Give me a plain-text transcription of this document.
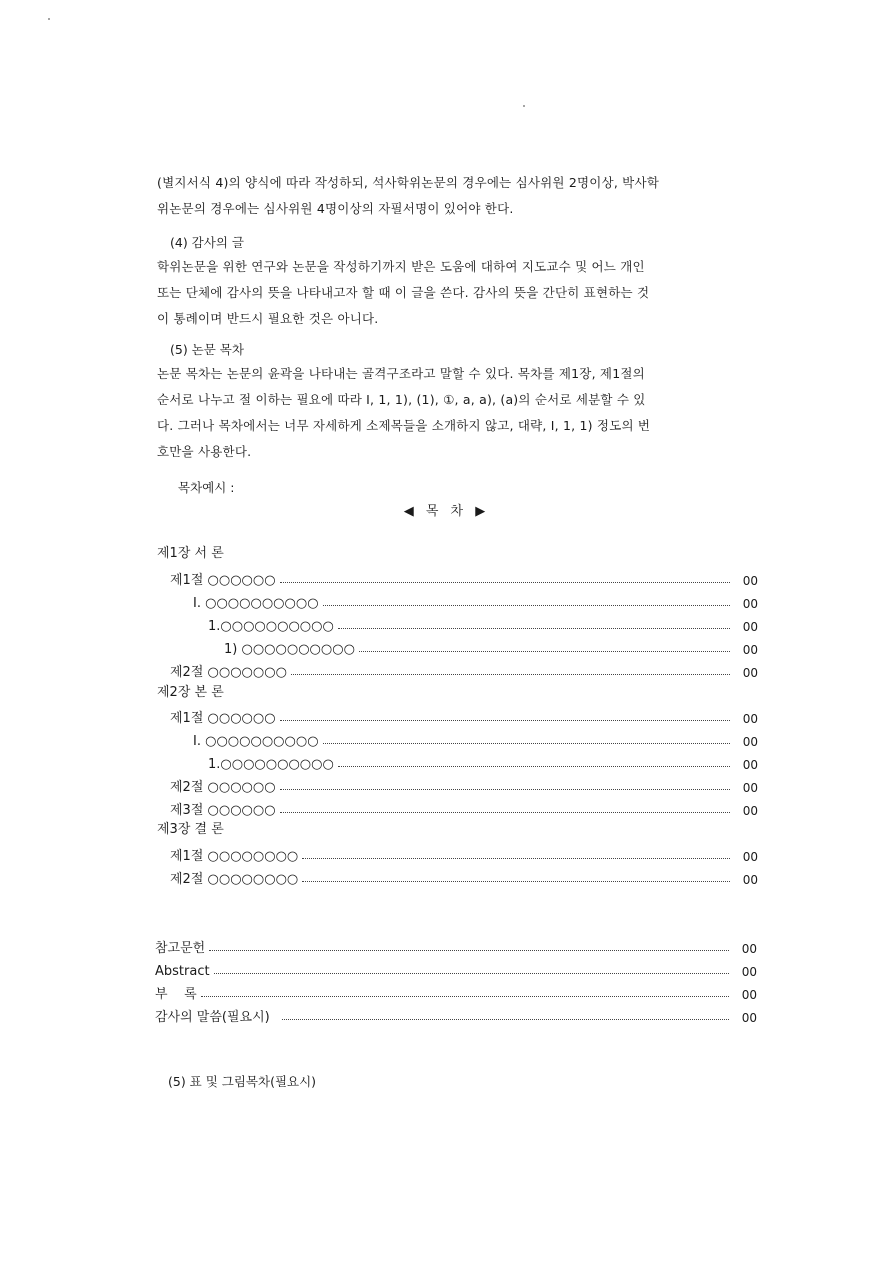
(별지서식 4)의 양식에 따라 작성하되, 석사학위논문의 경우에는 심사위원 2명이상, 박사학

위논문의 경우에는 심사위원 4명이상의 자필서명이 있어야 한다.

(4) 감사의 글

학위논문을 위한 연구와 논문을 작성하기까지 받은 도움에 대하여 지도교수 및 어느 개인

또는 단체에 감사의 뜻을 나타내고자 할 때 이 글을 쓴다. 감사의 뜻을 간단히 표현하는 것

이 통례이며 반드시 필요한 것은 아니다.

(5) 논문 목차

논문 목차는 논문의 윤곽을 나타내는 골격구조라고 말할 수 있다. 목차를 제1장, 제1절의

순서로 나누고 절 이하는 필요에 따라 I, 1, 1), (1), ①, a, a), (a)의 순서로 세분할 수 있

다. 그러나 목차에서는 너무 자세하게 소제목들을 소개하지 않고, 대략, I, 1, 1) 정도의 번

호만을 사용한다.

목차예시 :
◀ 목 차 ▶
제1장 서 론
제1절 ○○○○○○	00
I. ○○○○○○○○○○	00
1.○○○○○○○○○○	00
1) ○○○○○○○○○○	00
제2절 ○○○○○○○	00
제2장 본 론
제1절 ○○○○○○	00
I. ○○○○○○○○○○	00
1.○○○○○○○○○○	00
제2절 ○○○○○○	00
제3절 ○○○○○○	00
제3장 결 론
제1절 ○○○○○○○○	00
제2절 ○○○○○○○○	00
참고문헌	00
Abstract	00
부    록	00
감사의 말씀(필요시)	00
(5) 표 및 그림목차(필요시)
